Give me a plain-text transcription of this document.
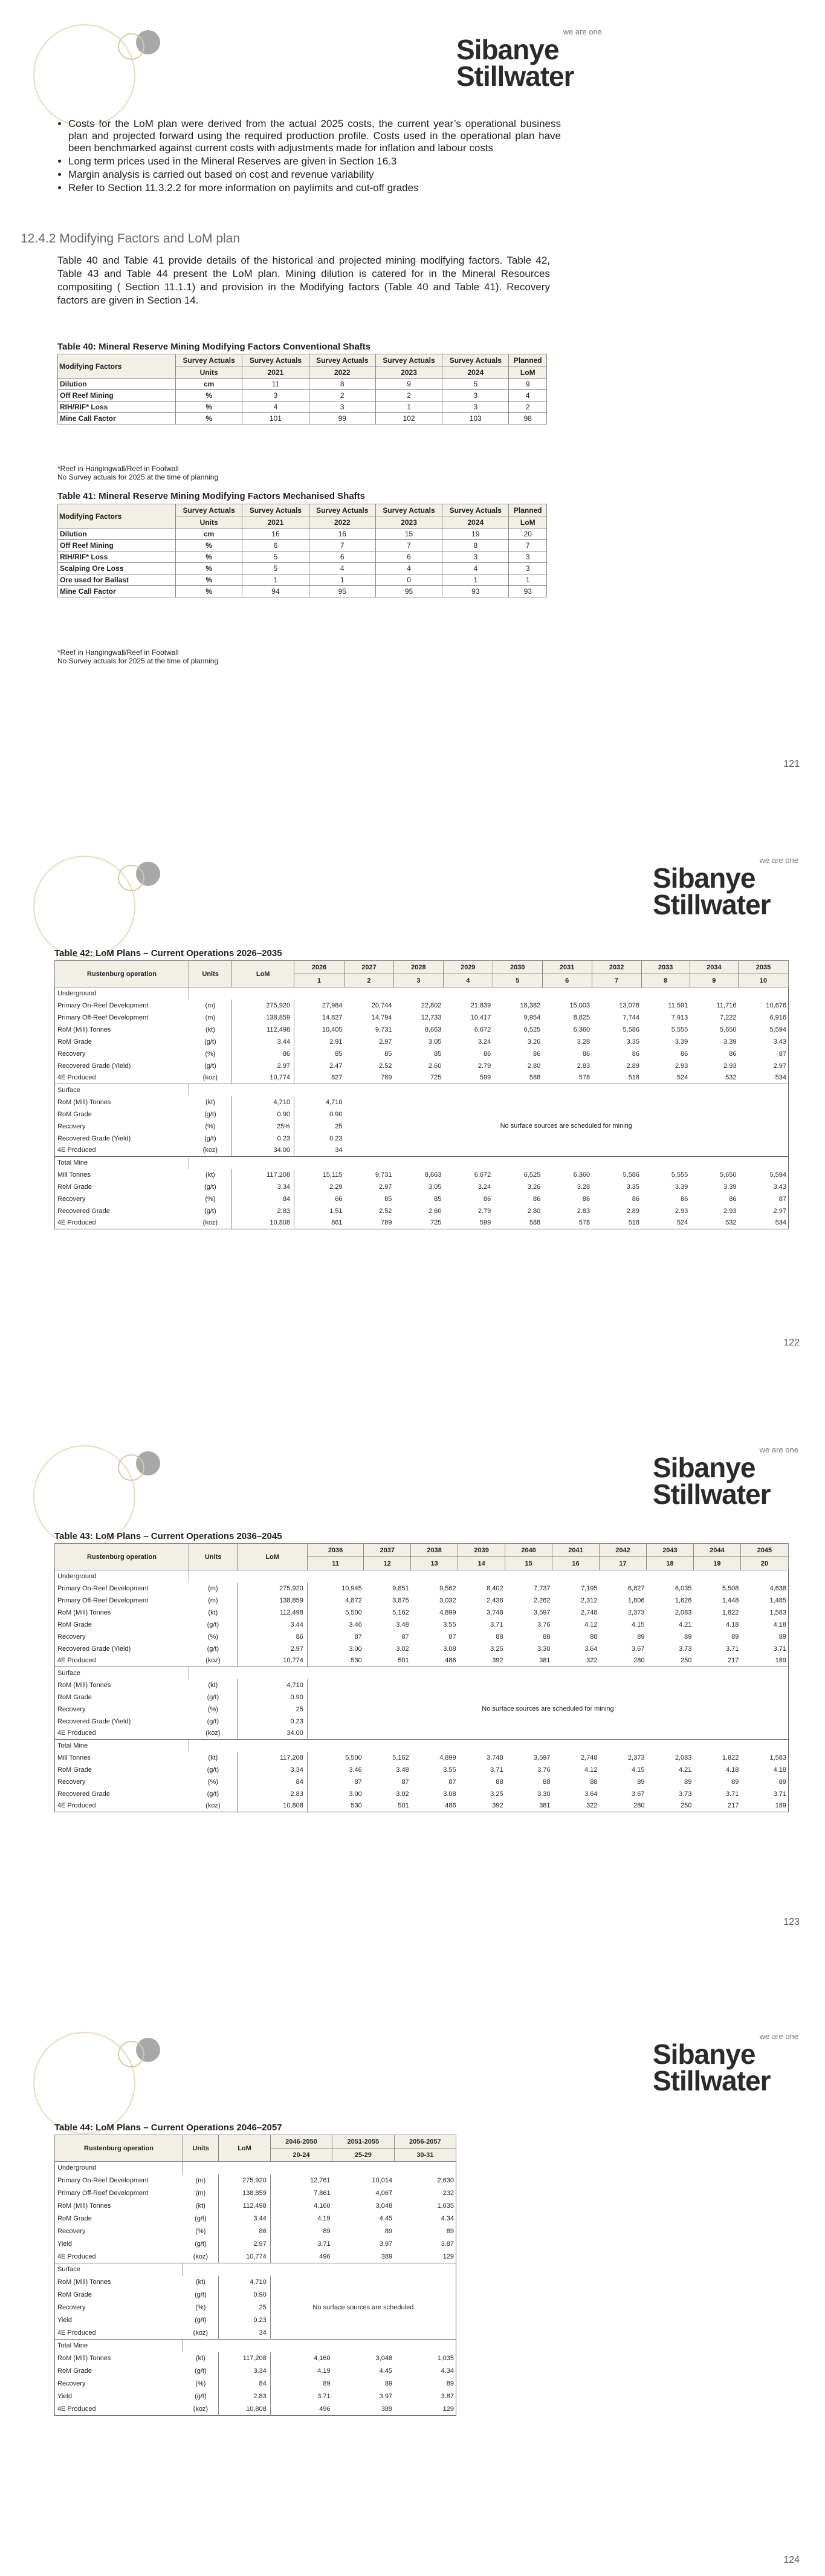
we are one
Sibanye
Stillwater
• Costs for the LoM plan were derived from the actual 2025 costs, the current year’s operational business plan and projected forward using the required production profile. Costs used in the operational plan have been benchmarked against current costs with adjustments made for inflation and labour costs
• Long term prices used in the Mineral Reserves are given in Section 16.3
• Margin analysis is carried out based on cost and revenue variability
• Refer to Section 11.3.2.2 for more information on paylimits and cut-off grades
12.4.2 Modifying Factors and LoM plan
Table 40 and Table 41 provide details of the historical and projected mining modifying factors. Table 42, Table 43 and Table 44 present the LoM plan. Mining dilution is catered for in the Mineral Resources compositing ( Section 11.1.1) and provision in the Modifying factors (Table 40 and Table 41). Recovery factors are given in Section 14.
Table 40: Mineral Reserve Mining Modifying Factors Conventional Shafts
Modifying Factors	Survey Actuals	Survey Actuals	Survey Actuals	Survey Actuals	Survey Actuals	Planned
	Units	2021	2022	2023	2024	LoM
Dilution	cm	11	8	9	5	9
Off Reef Mining	%	3	2	2	3	4
RIH/RIF* Loss	%	4	3	1	3	2
Mine Call Factor	%	101	99	102	103	98
*Reef in Hangingwall/Reef in Footwall
No Survey actuals for 2025 at the time of planning
Table 41: Mineral Reserve Mining Modifying Factors Mechanised Shafts
Modifying Factors	Survey Actuals	Survey Actuals	Survey Actuals	Survey Actuals	Survey Actuals	Planned
	Units	2021	2022	2023	2024	LoM
Dilution	cm	16	16	15	19	20
Off Reef Mining	%	6	7	7	8	7
RIH/RIF* Loss	%	5	6	6	3	3
Scalping Ore Loss	%	5	4	4	4	3
Ore used for Ballast	%	1	1	0	1	1
Mine Call Factor	%	94	95	95	93	93
*Reef in Hangingwall/Reef in Footwall
No Survey actuals for 2025 at the time of planning
121
we are one
Sibanye
Stillwater
Table 42: LoM Plans – Current Operations 2026–2035
Rustenburg operation	Units	LoM	2026	2027	2028	2029	2030	2031	2032	2033	2034	2035
			1	2	3	4	5	6	7	8	9	10
Underground												
Primary On-Reef Development	(m)	275,920	27,984	20,744	22,802	21,839	18,382	15,003	13,078	11,591	11,716	10,676
Primary Off-Reef Development	(m)	138,859	14,827	14,794	12,733	10,417	9,954	8,825	7,744	7,913	7,222	6,916
RoM (Mill) Tonnes	(kt)	112,498	10,405	9,731	8,663	6,672	6,525	6,360	5,586	5,555	5,650	5,594
RoM Grade	(g/t)	3.44	2.91	2.97	3.05	3.24	3.26	3.28	3.35	3.39	3.39	3.43
Recovery	(%)	86	85	85	85	86	86	86	86	86	86	87
Recovered Grade (Yield)	(g/t)	2.97	2.47	2.52	2.60	2.79	2.80	2.83	2.89	2.93	2.93	2.97
4E Produced	(koz)	10,774	827	789	725	599	588	578	518	524	532	534
Surface												
RoM (Mill) Tonnes	(kt)	4,710	4,710	No surface sources are scheduled for mining								
RoM Grade	(g/t)	0.90	0.90									
Recovery	(%)	25%	25									
Recovered Grade (Yield)	(g/t)	0.23	0.23									
4E Produced	(koz)	34.00	34									
Total Mine												
Mill Tonnes	(kt)	117,208	15,115	9,731	8,663	6,672	6,525	6,360	5,586	5,555	5,650	5,594
RoM Grade	(g/t)	3.34	2.29	2.97	3.05	3.24	3.26	3.28	3.35	3.39	3.39	3.43
Recovery	(%)	84	66	85	85	86	86	86	86	86	86	87
Recovered Grade	(g/t)	2.83	1.51	2.52	2.60	2.79	2.80	2.83	2.89	2.93	2.93	2.97
4E Produced	(koz)	10,808	861	789	725	599	588	578	518	524	532	534
122
we are one
Sibanye
Stillwater
Table 43: LoM Plans – Current Operations 2036–2045
Rustenburg operation	Units	LoM	2036	2037	2038	2039	2040	2041	2042	2043	2044	2045
			11	12	13	14	15	16	17	18	19	20
Underground												
Primary On-Reef Development	(m)	275,920	10,945	9,851	9,562	8,402	7,737	7,195	6,827	6,035	5,508	4,638
Primary Off-Reef Development	(m)	138,859	4,872	3,875	3,032	2,436	2,262	2,312	1,806	1,626	1,448	1,485
RoM (Mill) Tonnes	(kt)	112,498	5,500	5,162	4,899	3,748	3,597	2,748	2,373	2,083	1,822	1,583
RoM Grade	(g/t)	3.44	3.46	3.48	3.55	3.71	3.76	4.12	4.15	4.21	4.18	4.18
Recovery	(%)	86	87	87	87	88	88	88	89	89	89	89
Recovered Grade (Yield)	(g/t)	2.97	3.00	3.02	3.08	3.25	3.30	3.64	3.67	3.73	3.71	3.71
4E Produced	(koz)	10,774	530	501	486	392	381	322	280	250	217	189
Surface												
RoM (Mill) Tonnes	(kt)	4,710	No surface sources are scheduled for mining									
RoM Grade	(g/t)	0.90										
Recovery	(%)	25										
Recovered Grade (Yield)	(g/t)	0.23										
4E Produced	(koz)	34.00										
Total Mine												
Mill Tonnes	(kt)	117,208	5,500	5,162	4,899	3,748	3,597	2,748	2,373	2,083	1,822	1,583
RoM Grade	(g/t)	3.34	3.46	3.48	3.55	3.71	3.76	4.12	4.15	4.21	4.18	4.18
Recovery	(%)	84	87	87	87	88	88	88	89	89	89	89
Recovered Grade	(g/t)	2.83	3.00	3.02	3.08	3.25	3.30	3.64	3.67	3.73	3.71	3.71
4E Produced	(koz)	10,808	530	501	486	392	381	322	280	250	217	189
123
we are one
Sibanye
Stillwater
Table 44: LoM Plans – Current Operations 2046–2057
Rustenburg operation	Units	LoM	2046-2050	2051-2055	2056-2057
			20-24	25-29	30-31
Underground					
Primary On-Reef Development	(m)	275,920	12,761	10,014	2,630
Primary Off-Reef Development	(m)	138,859	7,861	4,067	232
RoM (Mill) Tonnes	(kt)	112,498	4,160	3,048	1,035
RoM Grade	(g/t)	3.44	4.19	4.45	4.34
Recovery	(%)	86	89	89	89
Yield	(g/t)	2.97	3.71	3.97	3.87
4E Produced	(koz)	10,774	496	389	129
Surface					
RoM (Mill) Tonnes	(kt)	4,710	No surface sources are scheduled		
RoM Grade	(g/t)	0.90			
Recovery	(%)	25			
Yield	(g/t)	0.23			
4E Produced	(koz)	34			
Total Mine					
RoM (Mill) Tonnes	(kt)	117,208	4,160	3,048	1,035
RoM Grade	(g/t)	3.34	4.19	4.45	4.34
Recovery	(%)	84	89	89	89
Yield	(g/t)	2.83	3.71	3.97	3.87
4E Produced	(koz)	10,808	496	389	129
124
